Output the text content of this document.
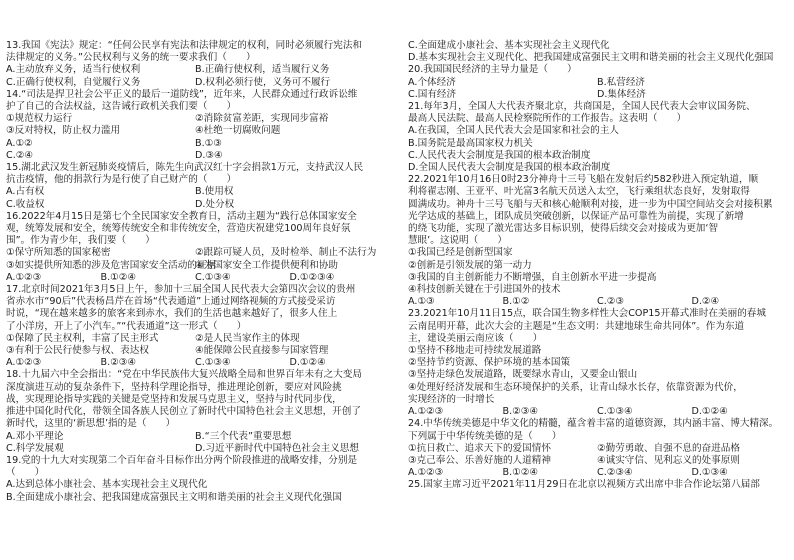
13.我国《宪法》规定：“任何公民享有宪法和法律规定的权利，同时必须履行宪法和
法律规定的义务。”公民权利与义务的统一要求我们（　　）
A.主动放弃义务，适当行使权利	B.正确行使权利，适当履行义务
C.正确行使权利，自觉履行义务	D.权利必须行使，义务可不履行
14.“司法是捍卫社会公平正义的最后一道防线”，近年来，人民群众通过行政诉讼维
护了自己的合法权益，这告诫行政机关我们要（　　）
①规范权力运行	②消除贫富差距，实现同步富裕
③反对特权，防止权力滥用	④杜绝一切腐败问题
A.①②	B.①③
C.②④	D.③④
15.湖北武汉发生新冠肺炎疫情后，陈先生向武汉红十字会捐款1万元，支持武汉人民
抗击疫情，他的捐款行为是行使了自己财产的（　　）
A.占有权	B.使用权
C.收益权	D.处分权
16.2022年4月15日是第七个全民国家安全教育日，活动主题为“践行总体国家安全
观，统筹发展和安全，统筹传统安全和非传统安全，营造庆祝建党100周年良好氛
围”。作为青少年，我们要（　　）
①保守所知悉的国家秘密	②跟踪可疑人员，及时检举、制止不法行为
③如实提供所知悉的涉及危害国家安全活动的证据
④为国家安全工作提供便利和协助
A.①②③	B.①②④	C.①③④	D.①②③④
17.北京时间2021年3月5日上午，参加十三届全国人民代表大会第四次会议的贵州
省赤水市“90后”代表杨昌芹在首场“代表通道”上通过网络视频的方式接受采访
时说，“现在越来越多的旅客来到赤水，我们的生活也越来越好了，很多人住上
了小洋房，开上了小汽车。”“代表通道”这一形式（　　）
①保障了民主权利，丰富了民主形式	②是人民当家作主的体现
③有利于公民行使参与权、表达权	④能保障公民直接参与国家管理
A.①②③	B.②③④	C.①③④	D.①②④
18.十九届六中全会指出：“党在中华民族伟大复兴战略全局和世界百年未有之大变局
深度演进互动的复杂条件下，坚持科学理论指导，推进理论创新，要应对风险挑
战，实现理论指导实践的关键是党坚持和发展马克思主义，坚持与时代同步伐，
推进中国化时代化，带领全国各族人民创立了新时代中国特色社会主义思想，开创了
新时代，这里的‘新思想’指的是（　　）
A.邓小平理论	B.“三个代表”重要思想
C.科学发展观	D.习近平新时代中国特色社会主义思想
19.党的十九大对实现第二个百年奋斗目标作出分两个阶段推进的战略安排，分别是
（　　）
A.达到总体小康社会、基本实现社会主义现代化
B.全面建成小康社会、把我国建成富强民主文明和谐美丽的社会主义现代化强国
C.全面建成小康社会、基本实现社会主义现代化
D.基本实现社会主义现代化、把我国建成富强民主文明和谐美丽的社会主义现代化强国
20.我国国民经济的主导力量是（　　）
A.个体经济	B.私营经济
C.国有经济	D.集体经济
21.每年3月，全国人大代表齐聚北京，共商国是，全国人民代表大会审议国务院、
最高人民法院、最高人民检察院所作的工作报告。这表明（　　）
A.在我国，全国人民代表大会是国家和社会的主人
B.国务院是最高国家权力机关
C.人民代表大会制度是我国的根本政治制度
D.全国人民代表大会制度是我国的根本政治制度
22.2021年10月16日0时23分神舟十三号飞船在发射后约582秒进入预定轨道，顺
利将翟志刚、王亚平、叶光富3名航天员送入太空，飞行乘组状态良好，发射取得
圆满成功。神舟十三号飞船与天和核心舱顺利对接，进一步为中国空间站交会对接积累
光学达成的基础上，团队成员突破创新，以保证产品可靠性为前提，实现了新增
的绕飞功能，实现了激光雷达多目标识别，使得后续交会对接成为更加‘智
慧眼’。这说明（　　）
①我国已经是创新型国家
②创新是引领发展的第一动力
③我国的自主创新能力不断增强，自主创新水平进一步提高
④科技创新关键在于引进国外的技术
A.①③	B.①②	C.②③	D.②④
23.2021年10月11日15点，联合国生物多样性大会COP15开幕式准时在美丽的春城
云南昆明开幕，此次大会的主题是“生态文明：共建地球生命共同体”。作为东道
主，建设美丽云南应该（　　）
①坚持不移地走可持续发展道路
②坚持节约资源、保护环境的基本国策
③坚持走绿色发展道路，既要绿水青山，又要金山银山
④处理好经济发展和生态环境保护的关系，让青山绿水长存，依靠资源为代价，
实现经济的一时增长
A.①②③	B.②③④	C.①③④	D.①②④
24.中华传统美德是中华文化的精髓，蕴含着丰富的道德资源，其内涵丰富、博大精深。
下列属于中华传统美德的是（　　）
①抗日救亡、追求天下的爱国情怀	②勤劳勇敢、自强不息的奋进品格
③克己奉公、乐善好施的人道精神	④诚实守信、见利忘义的处事原则
A.①②③	B.①②④	C.②③④	D.①③④
25.国家主席习近平2021年11月29日在北京以视频方式出席中非合作论坛第八届部
